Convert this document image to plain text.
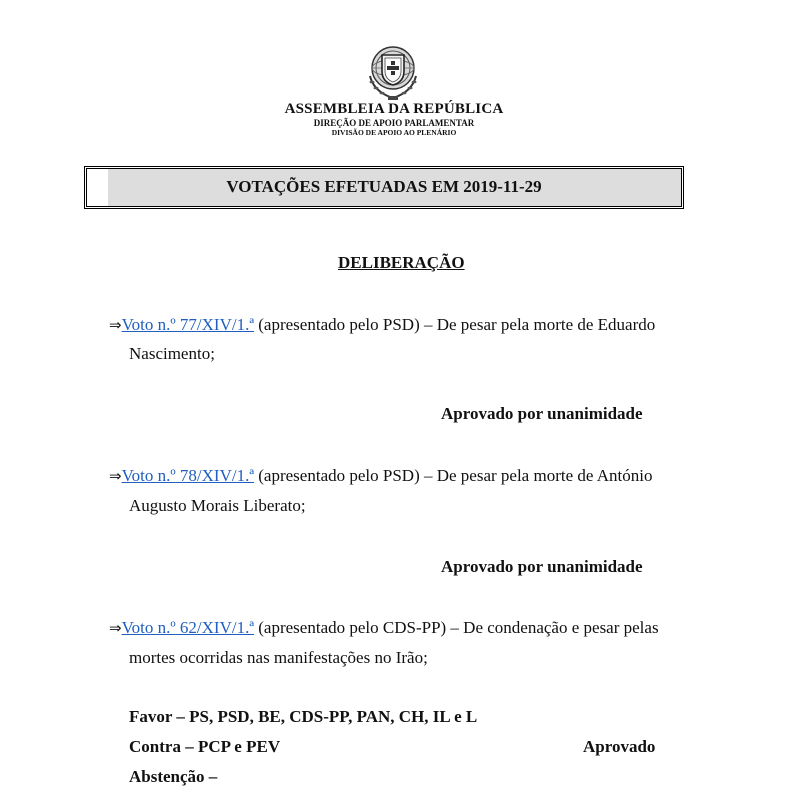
ASSEMBLEIA DA REPÚBLICA
DIREÇÃO DE APOIO PARLAMENTAR
DIVISÃO DE APOIO AO PLENÁRIO
VOTAÇÕES EFETUADAS EM 2019-11-29
DELIBERAÇÃO
⇒Voto n.º 77/XIV/1.ª (apresentado pelo PSD) – De pesar pela morte de Eduardo
Nascimento;
Aprovado por unanimidade
⇒Voto n.º 78/XIV/1.ª (apresentado pelo PSD) – De pesar pela morte de António
Augusto Morais Liberato;
Aprovado por unanimidade
⇒Voto n.º 62/XIV/1.ª (apresentado pelo CDS-PP) – De condenação e pesar pelas
mortes ocorridas nas manifestações no Irão;
Favor – PS, PSD, BE, CDS-PP, PAN, CH, IL e L
Contra – PCP e PEV
Abstenção –
Aprovado
